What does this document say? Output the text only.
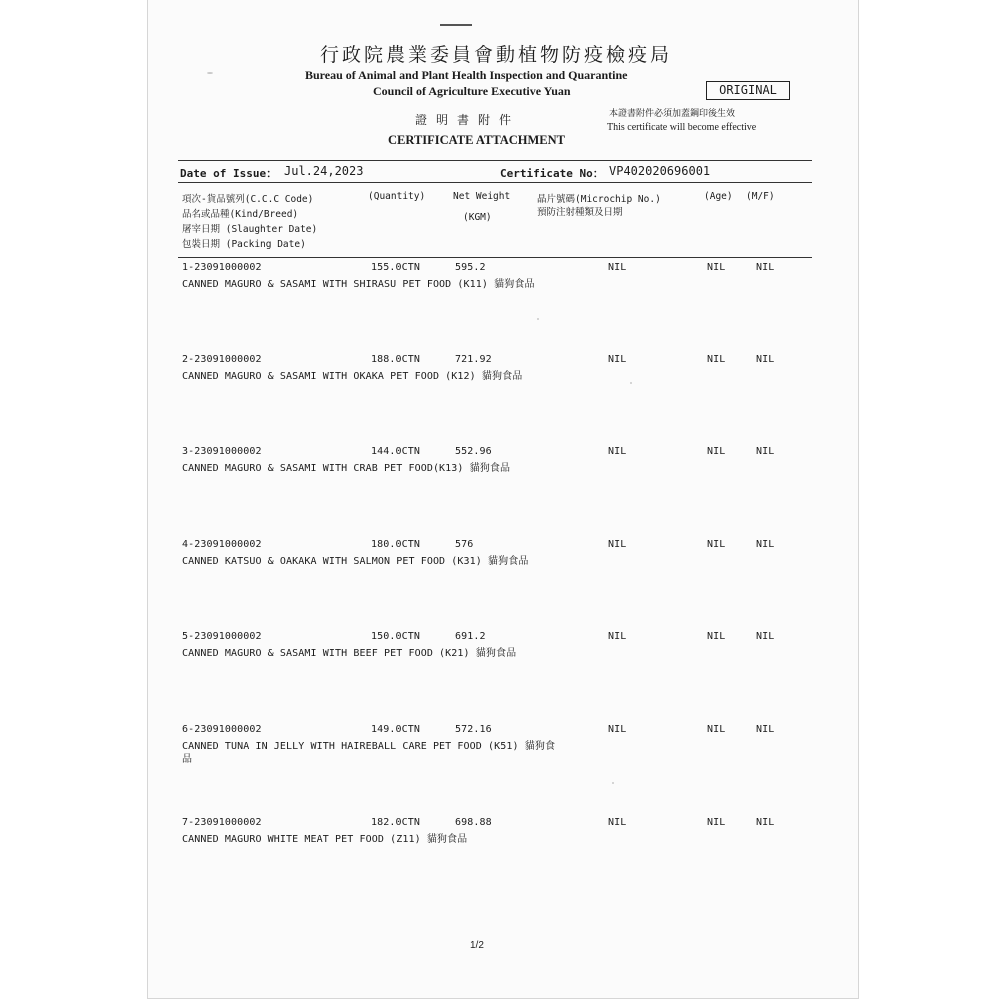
行政院農業委員會動植物防疫檢疫局
Bureau of Animal and Plant Health Inspection and Quarantine
Council of Agriculture Executive Yuan	ORIGINAL
本證書附件必須加蓋鋼印後生效
This certificate will become effective
證明書附件
CERTIFICATE ATTACHMENT
Date of Issue： Jul.24,2023	Certificate No： VP402020696001
項次-貨品號列(C.C.C Code)
品名或品種(Kind/Breed)
屠宰日期 (Slaughter Date)
包裝日期 (Packing Date)
(Quantity)	Net Weight
(KGM)
晶片號碼(Microchip No.)
預防注射種類及日期
(Age) (M/F)
1-23091000002	155.0CTN	595.2	NIL	NIL	NIL
CANNED MAGURO & SASAMI WITH SHIRASU PET FOOD (K11) 貓狗食品
2-23091000002	188.0CTN	721.92	NIL	NIL	NIL
CANNED MAGURO & SASAMI WITH OKAKA PET FOOD (K12) 貓狗食品
3-23091000002	144.0CTN	552.96	NIL	NIL	NIL
CANNED MAGURO & SASAMI WITH CRAB PET FOOD(K13) 貓狗食品
4-23091000002	180.0CTN	576	NIL	NIL	NIL
CANNED KATSUO & OAKAKA WITH SALMON PET FOOD (K31) 貓狗食品
5-23091000002	150.0CTN	691.2	NIL	NIL	NIL
CANNED MAGURO & SASAMI WITH BEEF PET FOOD (K21) 貓狗食品
6-23091000002	149.0CTN	572.16	NIL	NIL	NIL
CANNED TUNA IN JELLY WITH HAIREBALL CARE PET FOOD (K51) 貓狗食
品
7-23091000002	182.0CTN	698.88	NIL	NIL	NIL
CANNED MAGURO WHITE MEAT PET FOOD (Z11) 貓狗食品
1/2
